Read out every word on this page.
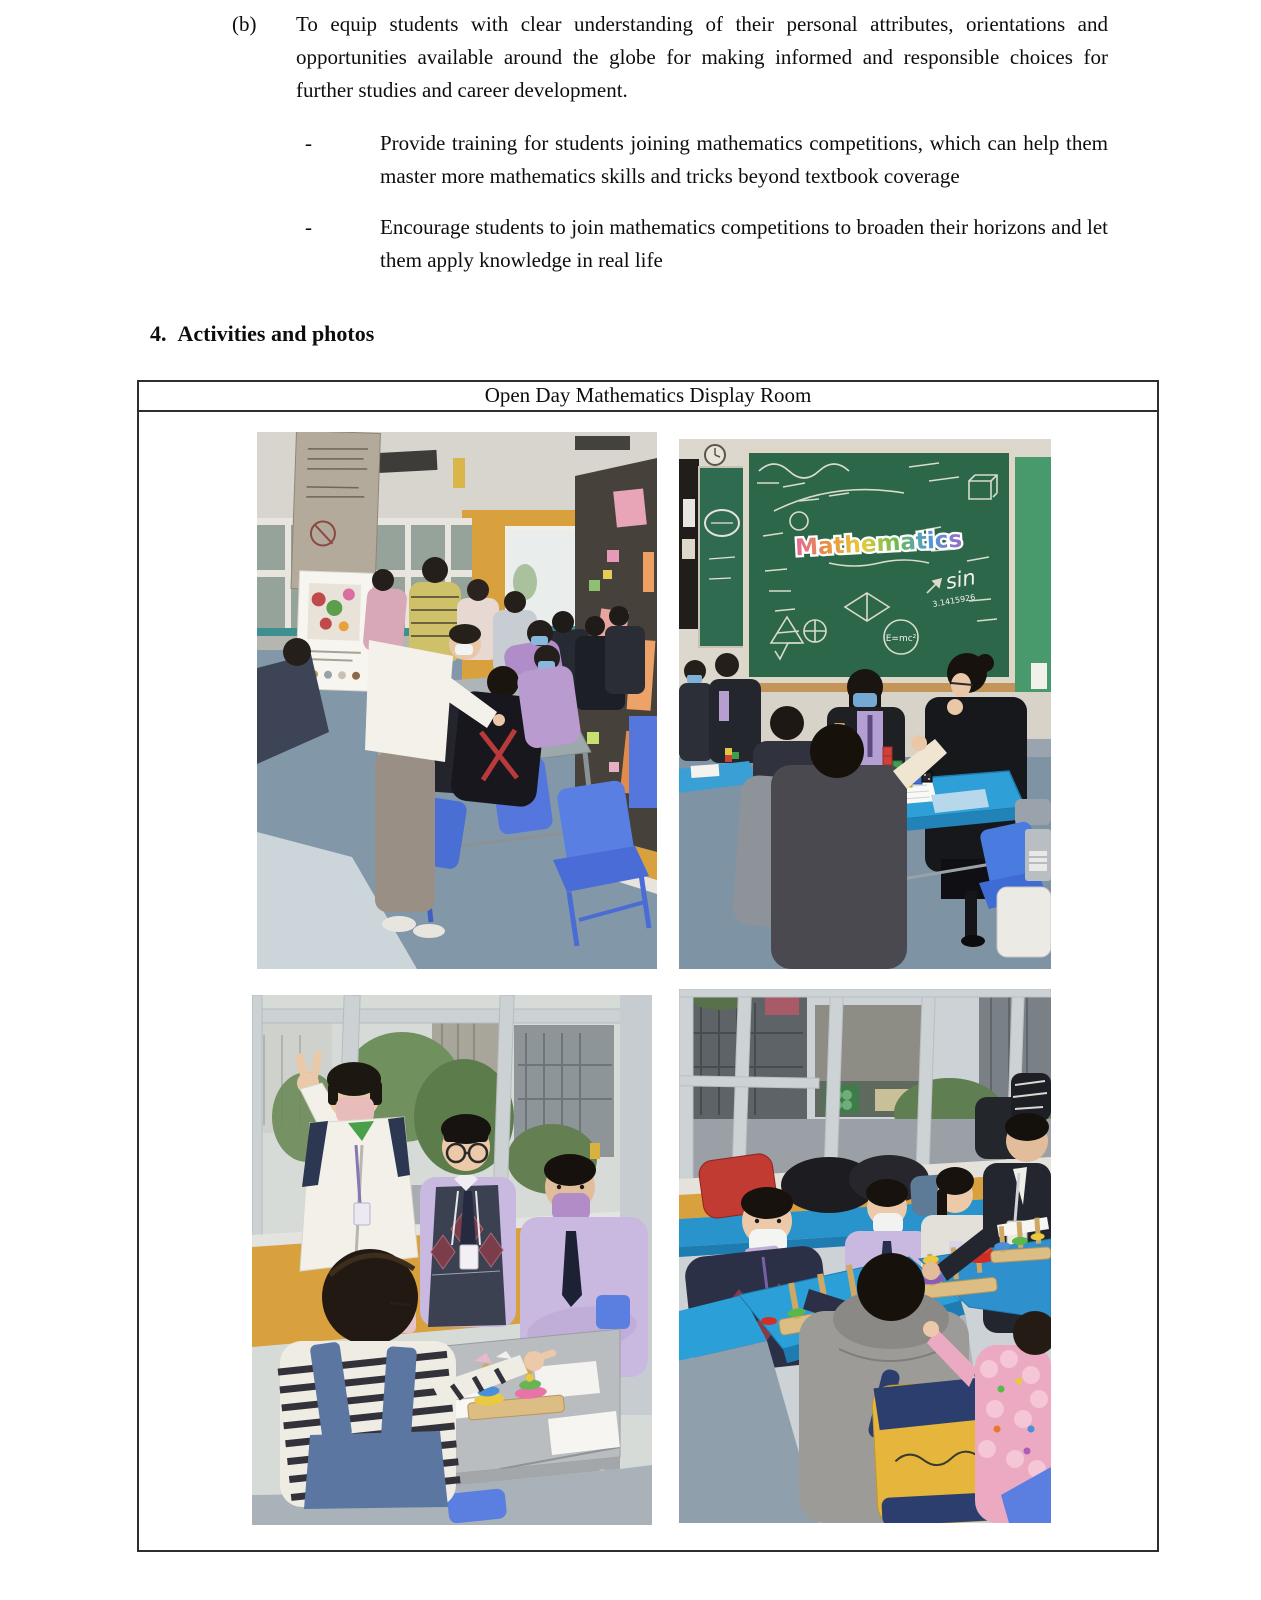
(b)	To equip students with clear understanding of their personal attributes, orientations and opportunities available around the globe for making informed and responsible choices for further studies and career development.
-	Provide training for students joining mathematics competitions, which can help them master more mathematics skills and tricks beyond textbook coverage
-	Encourage students to join mathematics competitions to broaden their horizons and let them apply knowledge in real life
4. Activities and photos
Open Day Mathematics Display Room
Mathematics
sin
3.1415926
E=mc²
